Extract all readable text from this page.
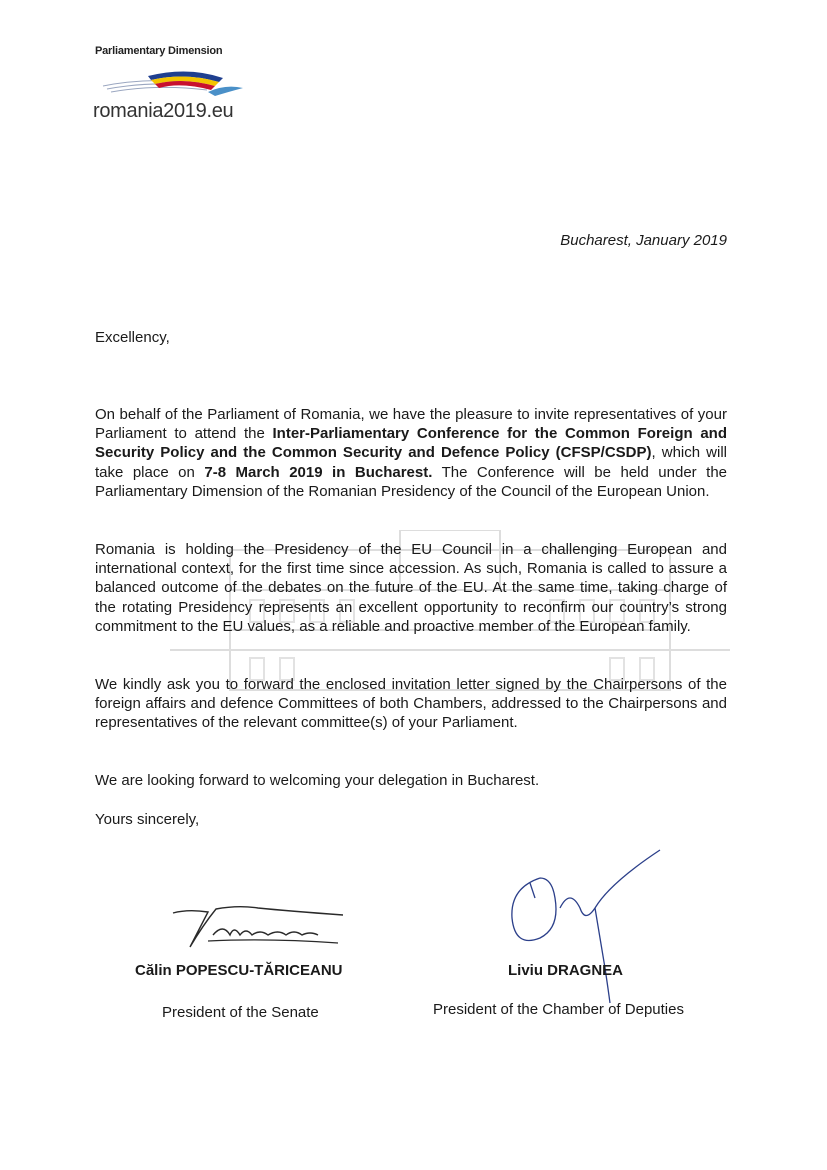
Parliamentary Dimension
romania2019.eu
Bucharest, January 2019
Excellency,

On behalf of the Parliament of Romania, we have the pleasure to invite representatives of your Parliament to attend the Inter-Parliamentary Conference for the Common Foreign and Security Policy and the Common Security and Defence Policy (CFSP/CSDP), which will take place on 7-8 March 2019 in Bucharest. The Conference will be held under the Parliamentary Dimension of the Romanian Presidency of the Council of the European Union.

Romania is holding the Presidency of the EU Council in a challenging European and international context, for the first time since accession. As such, Romania is called to assure a balanced outcome of the debates on the future of the EU. At the same time, taking charge of the rotating Presidency represents an excellent opportunity to reconfirm our country’s strong commitment to the EU values, as a reliable and proactive member of the European family.

We kindly ask you to forward the enclosed invitation letter signed by the Chairpersons of the foreign affairs and defence Committees of both Chambers, addressed to the Chairpersons and representatives of the relevant committee(s) of your Parliament.

We are looking forward to welcoming your delegation in Bucharest.

Yours sincerely,

Călin POPESCU-TĂRICEANU	Liviu DRAGNEA
President of the Senate	President of the Chamber of Deputies
